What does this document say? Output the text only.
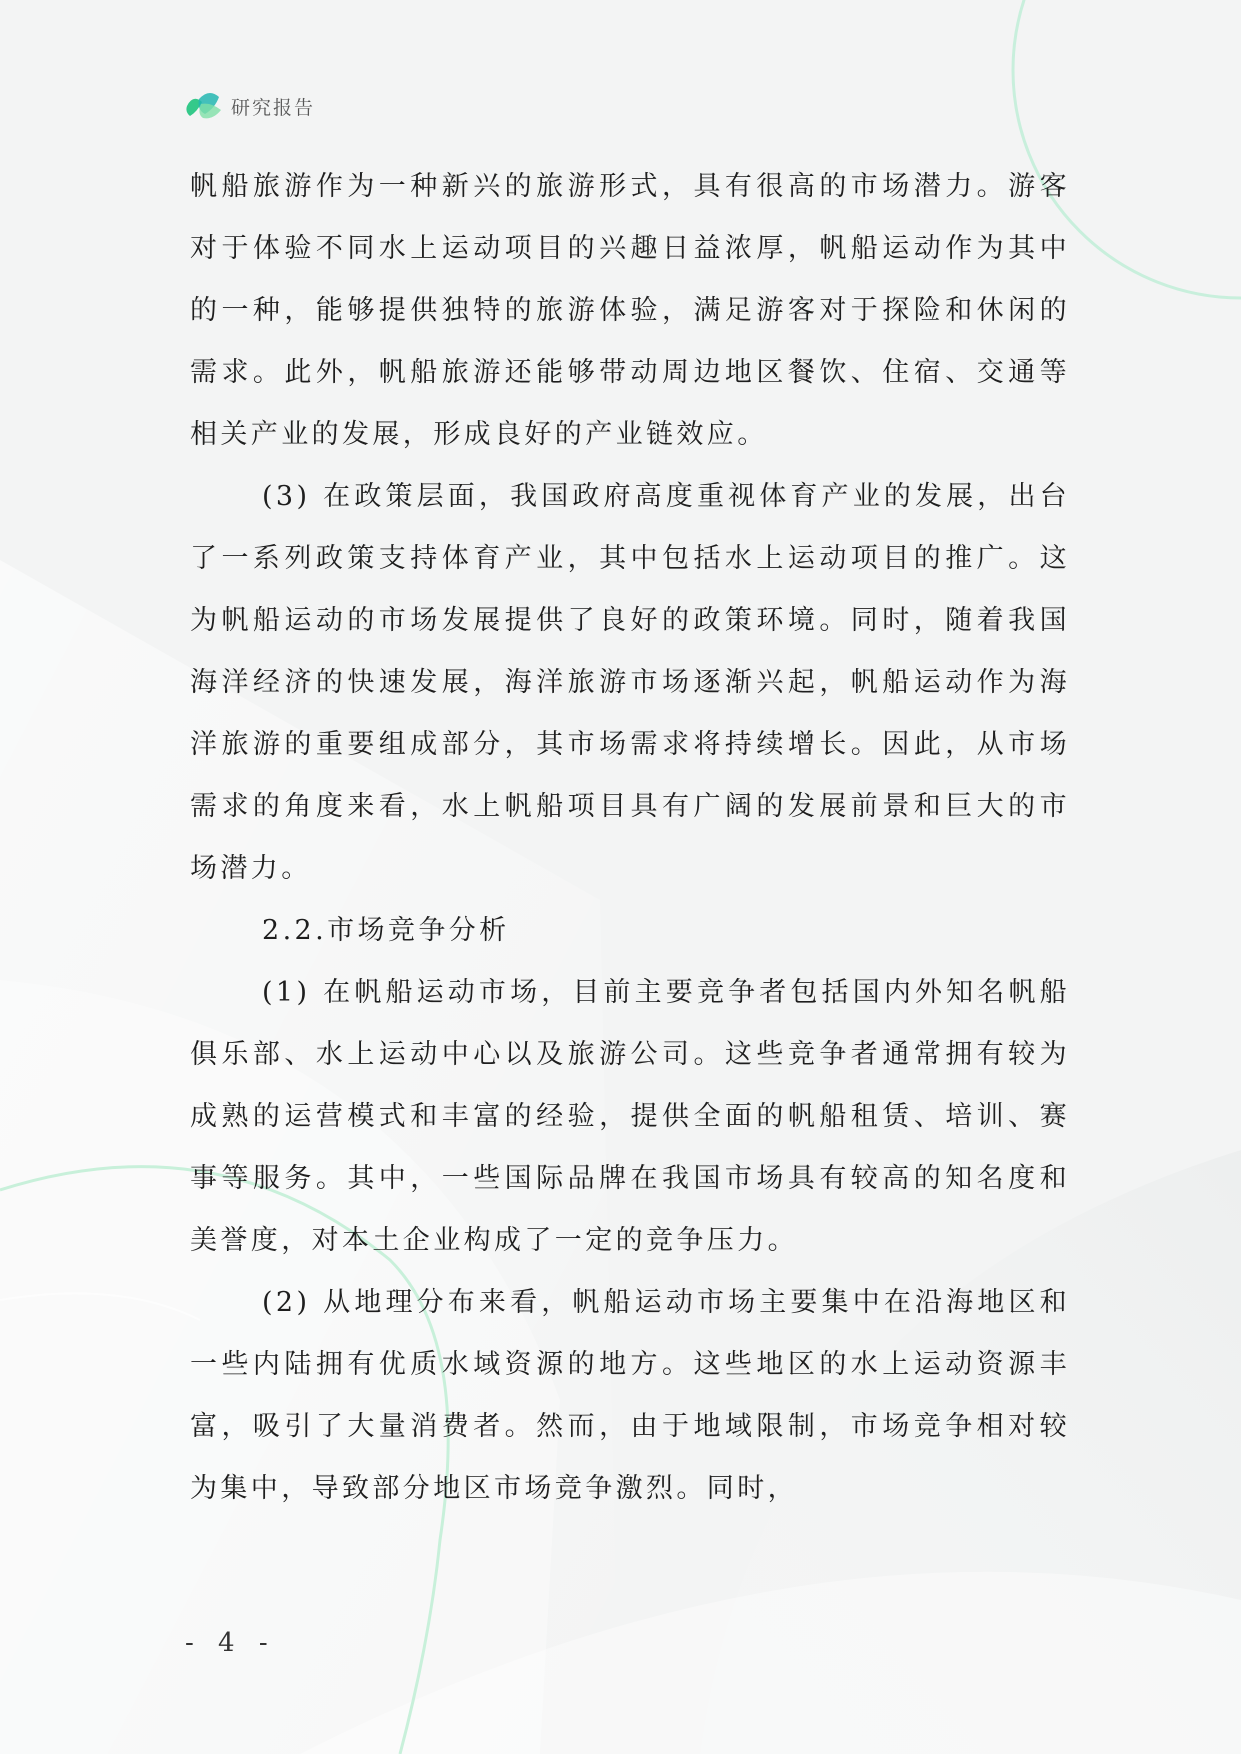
研究报告

帆船旅游作为一种新兴的旅游形式，具有很高的市场潜力。游客对于体验不同水上运动项目的兴趣日益浓厚，帆船运动作为其中的一种，能够提供独特的旅游体验，满足游客对于探险和休闲的需求。此外，帆船旅游还能够带动周边地区餐饮、住宿、交通等相关产业的发展，形成良好的产业链效应。

(3) 在政策层面，我国政府高度重视体育产业的发展，出台了一系列政策支持体育产业，其中包括水上运动项目的推广。这为帆船运动的市场发展提供了良好的政策环境。同时，随着我国海洋经济的快速发展，海洋旅游市场逐渐兴起，帆船运动作为海洋旅游的重要组成部分，其市场需求将持续增长。因此，从市场需求的角度来看，水上帆船项目具有广阔的发展前景和巨大的市场潜力。

2.2.市场竞争分析

(1) 在帆船运动市场，目前主要竞争者包括国内外知名帆船俱乐部、水上运动中心以及旅游公司。这些竞争者通常拥有较为成熟的运营模式和丰富的经验，提供全面的帆船租赁、培训、赛事等服务。其中，一些国际品牌在我国市场具有较高的知名度和美誉度，对本土企业构成了一定的竞争压力。

(2) 从地理分布来看，帆船运动市场主要集中在沿海地区和一些内陆拥有优质水域资源的地方。这些地区的水上运动资源丰富，吸引了大量消费者。然而，由于地域限制，市场竞争相对较为集中，导致部分地区市场竞争激烈。同时，

- 4 -
